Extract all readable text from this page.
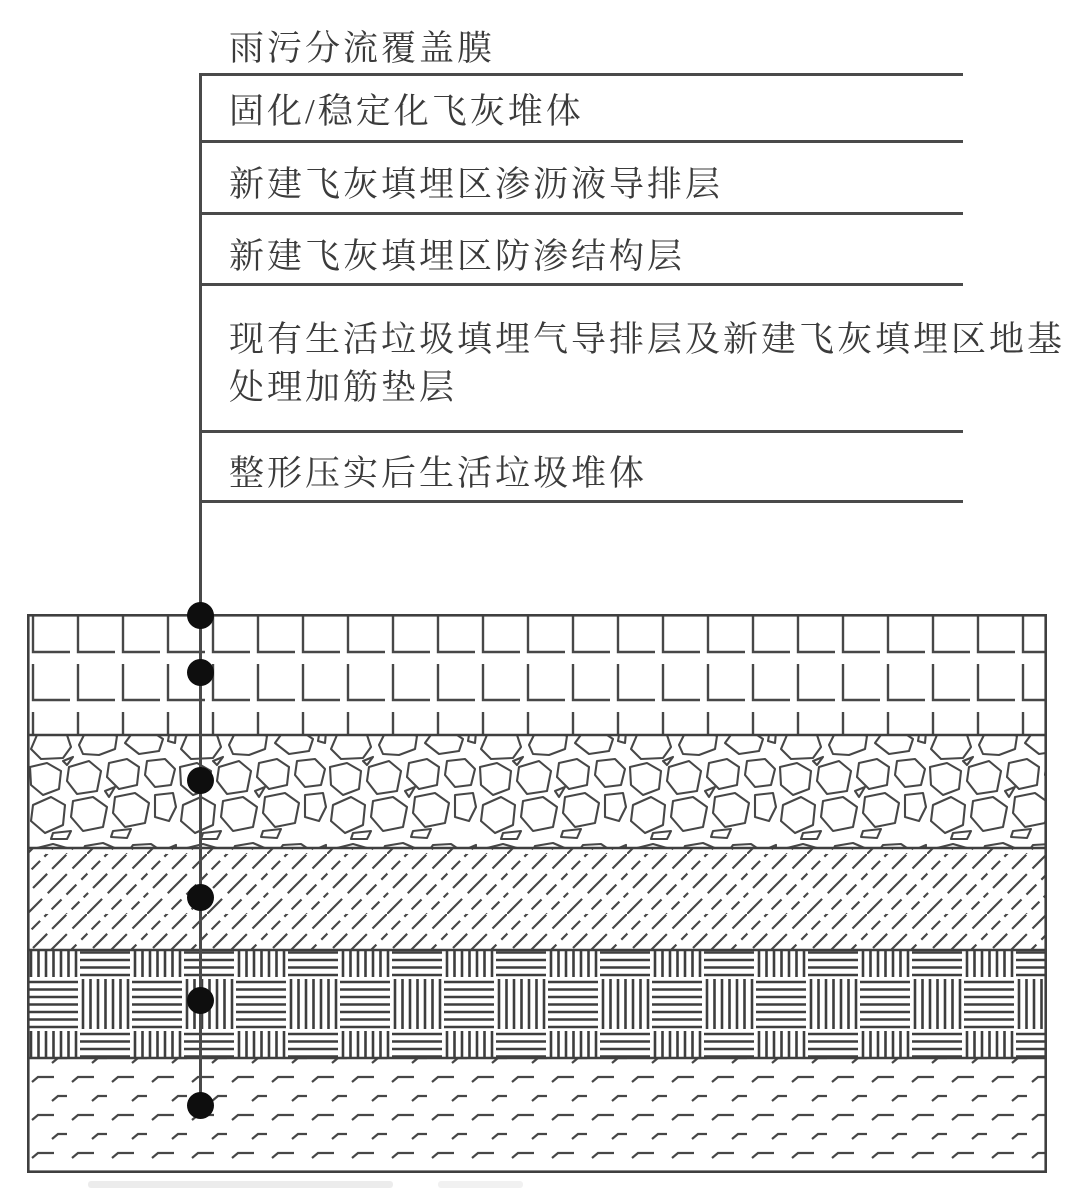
雨污分流覆盖膜
固化/稳定化飞灰堆体
新建飞灰填埋区渗沥液导排层
新建飞灰填埋区防渗结构层
现有生活垃圾填埋气导排层及新建飞灰填埋区地基处理加筋垫层
整形压实后生活垃圾堆体
